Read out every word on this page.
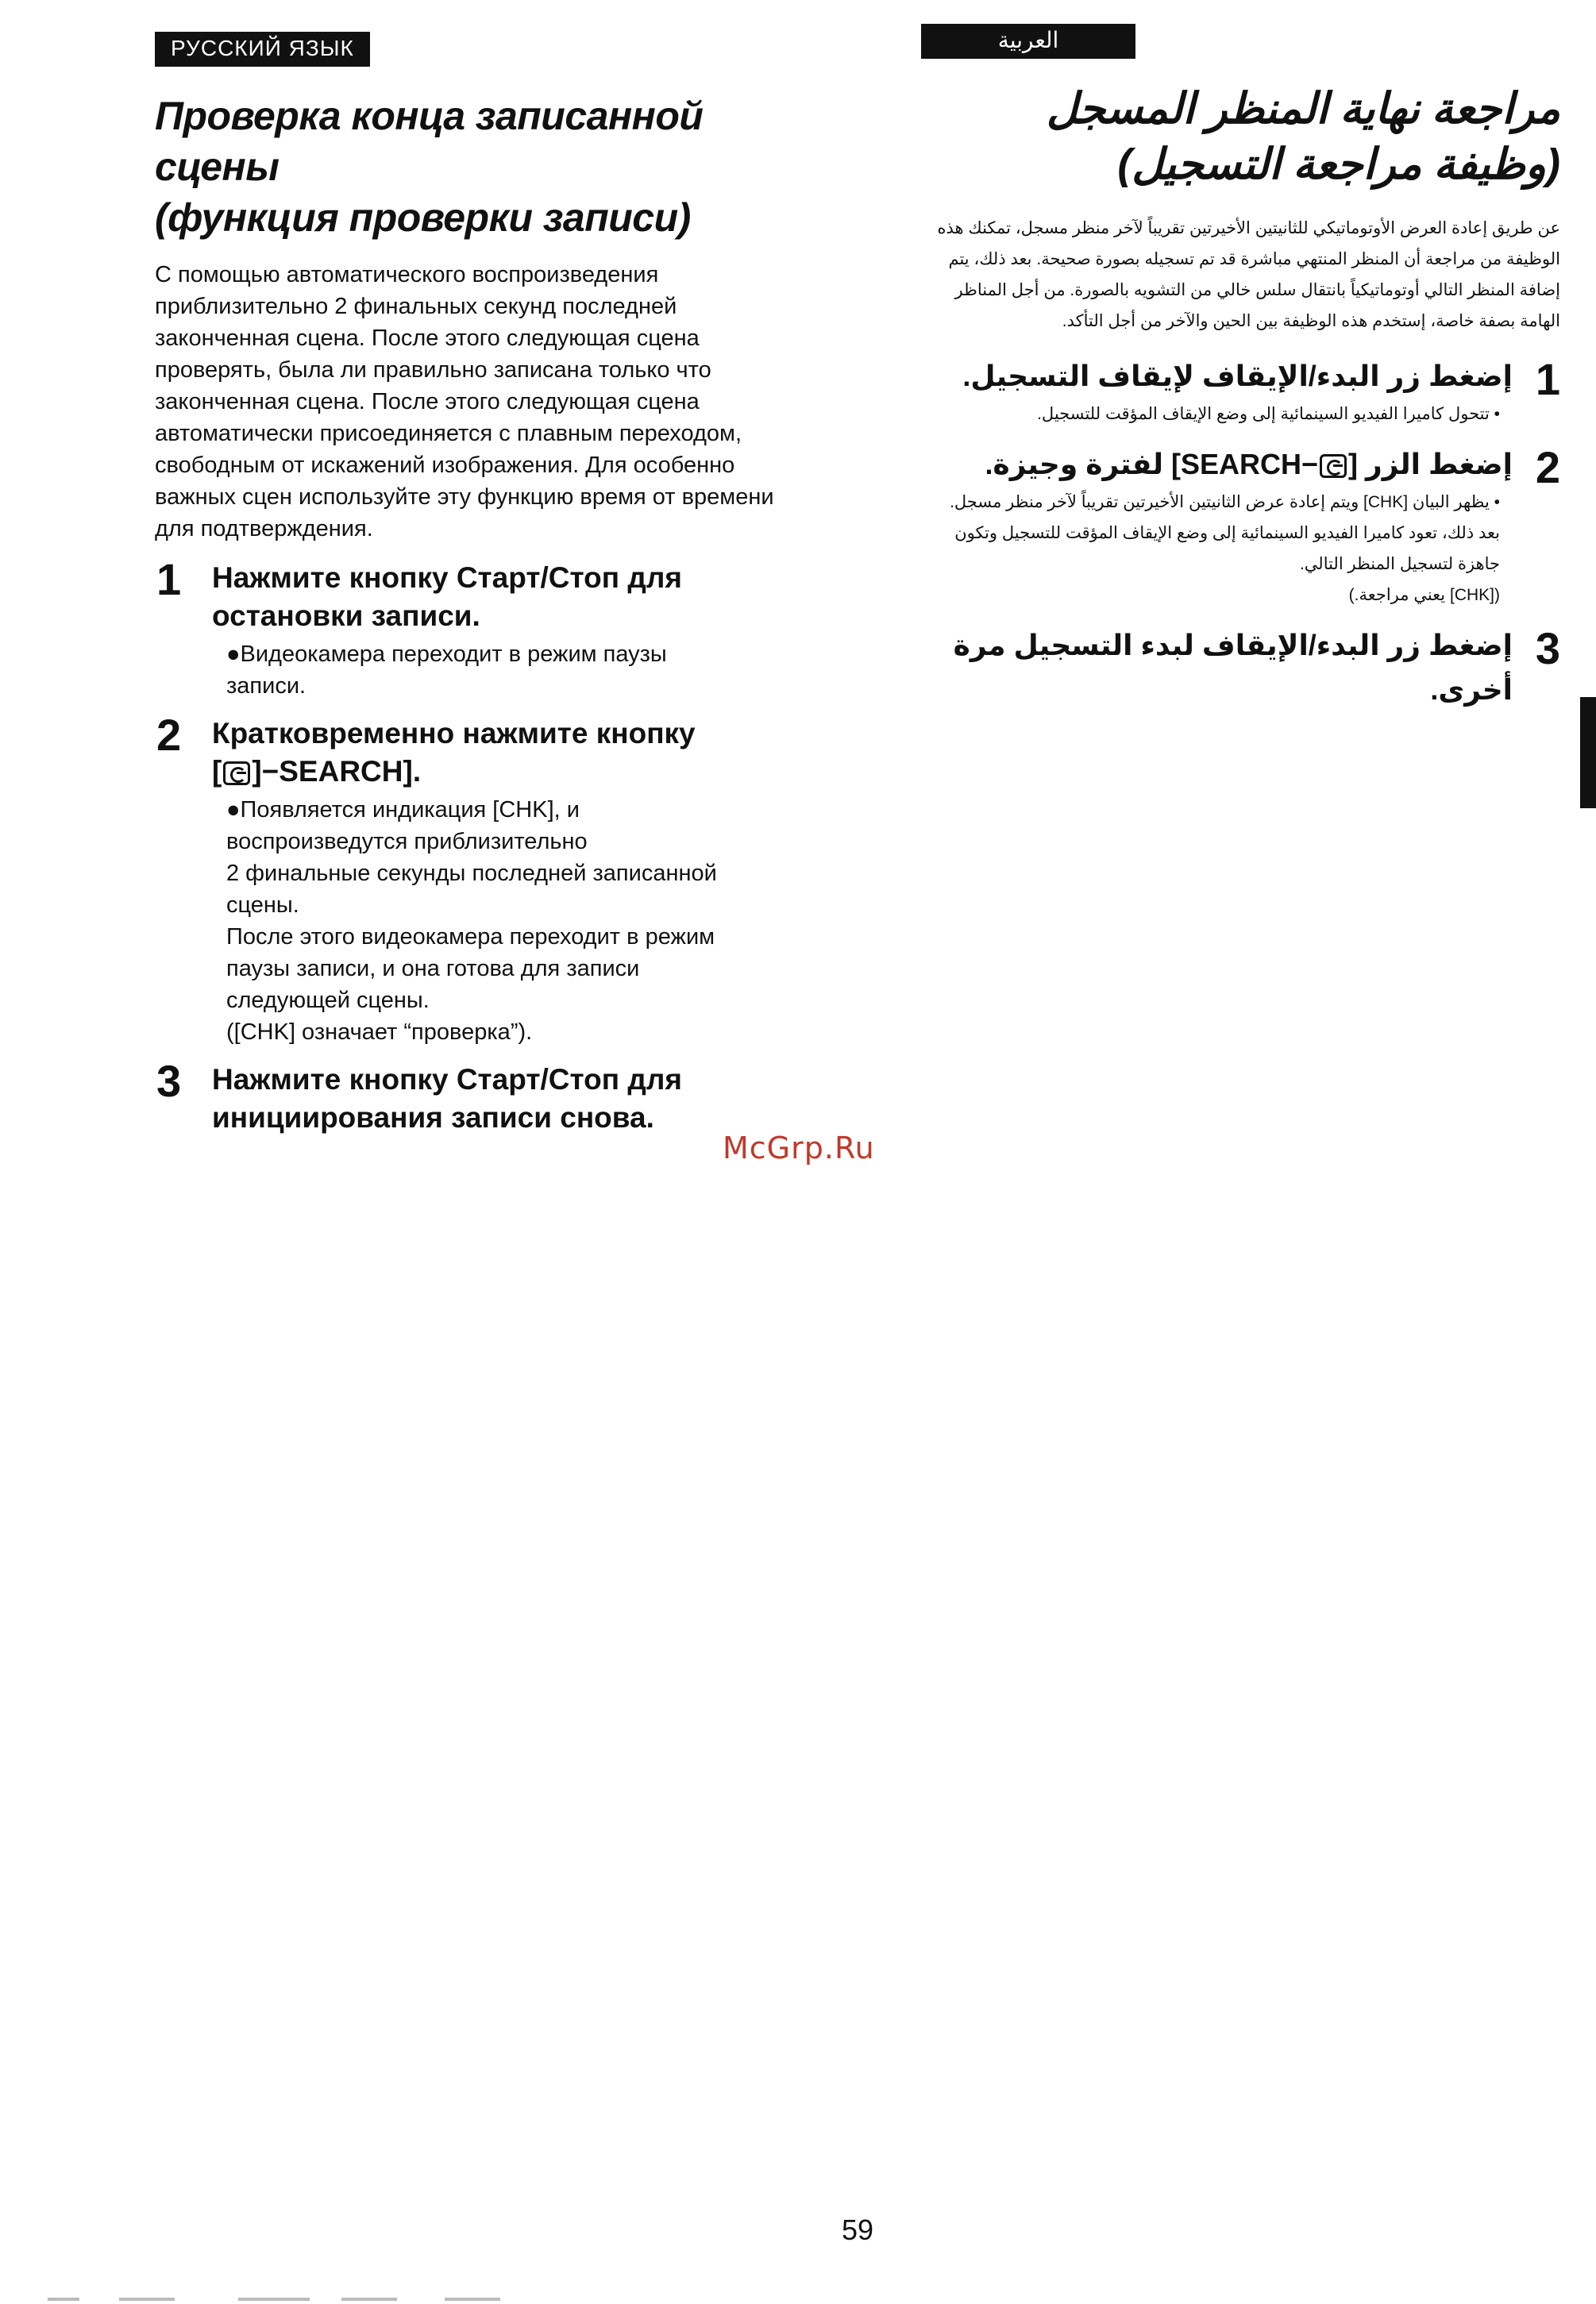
РУССКИЙ ЯЗЫК
Проверка конца записанной
сцены
(функция проверки записи)

С помощью автоматического воспроизведения приблизительно 2 финальных секунд последней законченная сцена. После этого следующая сцена проверять, была ли правильно записана только что законченная сцена. После этого следующая сцена автоматически присоединяется с плавным переходом, свободным от искажений изображения. Для особенно важных сцен используйте эту функцию время от времени для подтверждения.

1 Нажмите кнопку Старт/Стоп для остановки записи.

●Видеокамера переходит в режим паузы
записи.

2 Кратковременно нажмите кнопку
[ ]−SEARCH].

●Появляется индикация [CHK], и
воспроизведутся приблизительно
2 финальные секунды последней записанной
сцены.

После этого видеокамера переходит в режим
паузы записи, и она готова для записи
следующей сцены.

([CHK] означает “проверка”).

3 Нажмите кнопку Старт/Стоп для инициирования записи снова.
العربية
مراجعة نهاية المنظر المسجل
(وظيفة مراجعة التسجيل)

عن طريق إعادة العرض الأوتوماتيكي للثانيتين الأخيرتين تقريباً لآخر منظر مسجل، تمكنك هذه الوظيفة من مراجعة أن المنظر المنتهي مباشرة قد تم تسجيله بصورة صحيحة. بعد ذلك، يتم إضافة المنظر التالي أوتوماتيكياً بانتقال سلس خالي من التشويه بالصورة. من أجل المناظر الهامة بصفة خاصة، إستخدم هذه الوظيفة بين الحين والآخر من أجل التأكد.

1
إضغط زر البدء/الإيقاف لإيقاف التسجيل.

• تتحول كاميرا الفيديو السينمائية إلى وضع الإيقاف المؤقت للتسجيل.

2
إضغط الزر [−SEARCH] لفترة وجيزة.

• يظهر البيان [CHK] ويتم إعادة عرض الثانيتين الأخيرتين تقريباً لآخر منظر مسجل.

بعد ذلك، تعود كاميرا الفيديو السينمائية إلى وضع الإيقاف المؤقت للتسجيل وتكون جاهزة لتسجيل المنظر التالي.

([CHK] يعني مراجعة.)

3
إضغط زر البدء/الإيقاف لبدء التسجيل مرة أخرى.
McGrp.Ru
59
